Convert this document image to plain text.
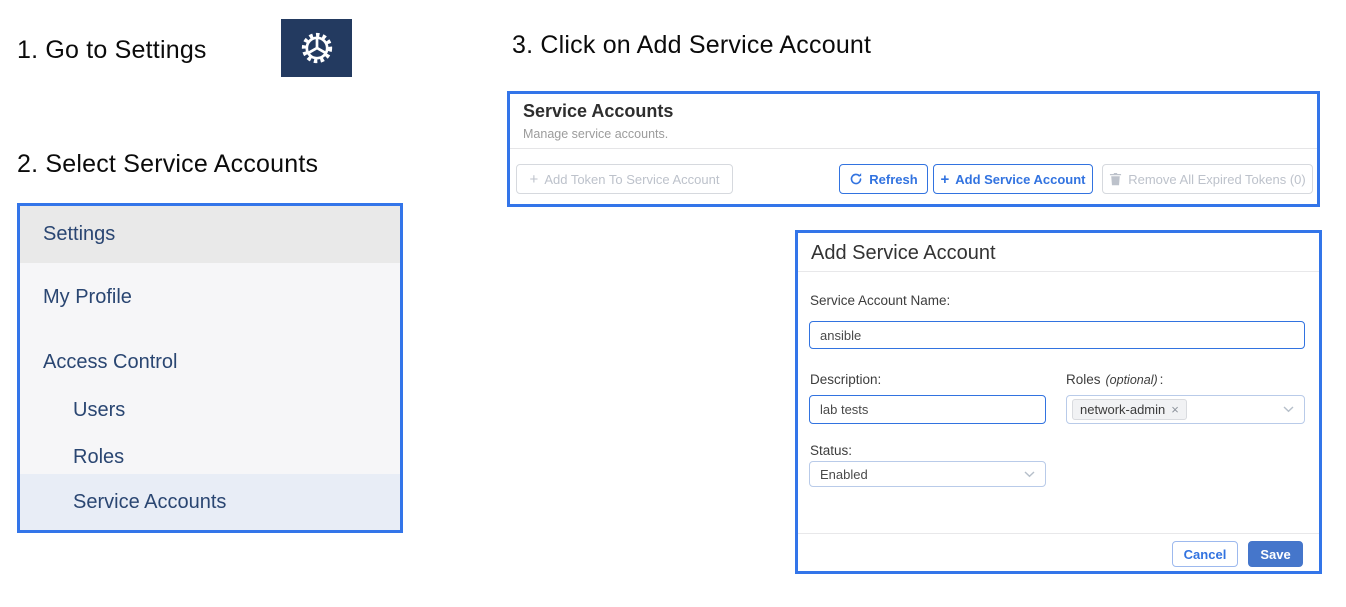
1. Go to Settings
2. Select Service Accounts
3. Click on Add Service Account
Settings
My Profile
Access Control
Users
Roles
Service Accounts
Service Accounts
Manage service accounts.
+ Add Token To Service Account	Refresh + Add Service Account	Remove All Expired Tokens (0)
Add Service Account
Service Account Name:
ansible
Description:	Roles (optional) :
lab tests	network-admin ×
Status:
Enabled
Cancel	Save
